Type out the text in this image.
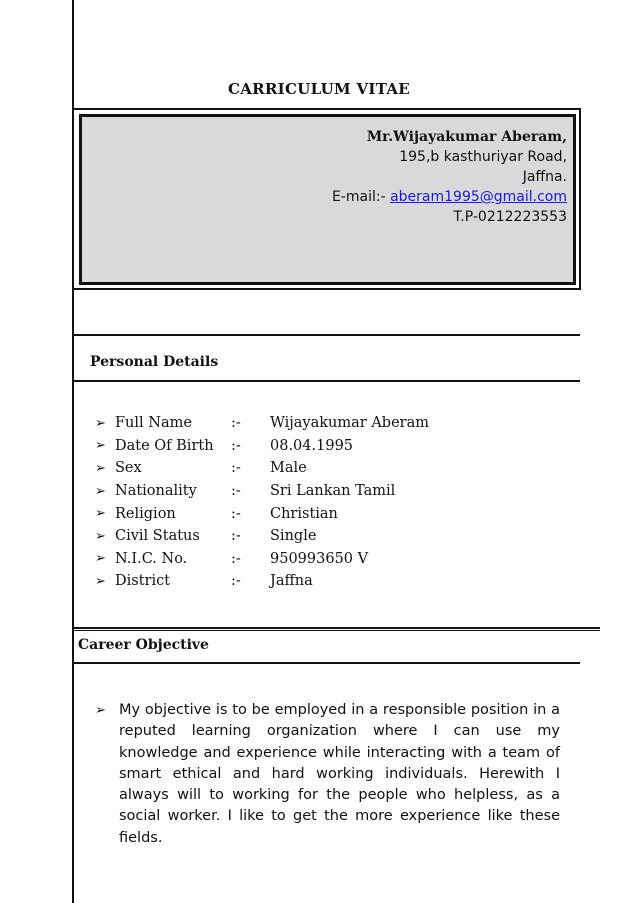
CARRICULUM VITAE
Mr.Wijayakumar Aberam,
195,b kasthuriyar Road,
Jaffna.
E-mail:- aberam1995@gmail.com
T.P-0212223553
Personal Details
➢ Full Name	:-	Wijayakumar Aberam
➢ Date Of Birth	:-	08.04.1995
➢ Sex	:-	Male
➢ Nationality	:-	Sri Lankan Tamil
➢ Religion	:-	Christian
➢ Civil Status	:-	Single
➢ N.I.C. No.	:-	950993650 V
➢ District	:-	Jaffna
Career Objective
➢ My objective is to be employed in a responsible position in a reputed learning organization where I can use my knowledge and experience while interacting with a team of smart ethical and hard working individuals. Herewith I always will to working for the people who helpless, as a social worker. I like to get the more experience like these fields.
